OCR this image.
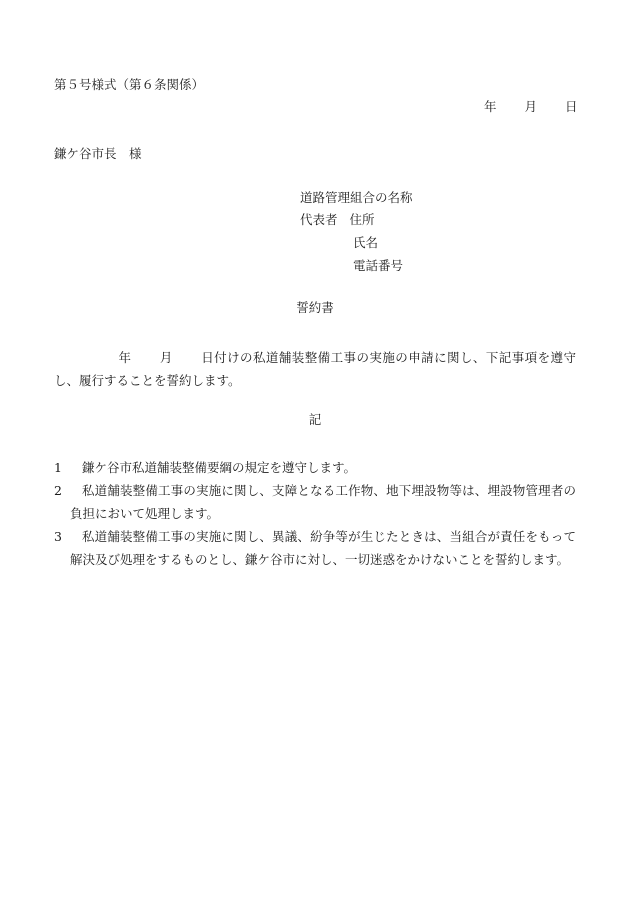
第５号様式（第６条関係）
年 月 日
鎌ケ谷市長　様
道路管理組合の名称
代表者 住所
氏名
電話番号
誓約書
年 月 日付けの私道舗装整備工事の実施の申請に関し、下記事項を遵守し、履行することを誓約します。
記
1	鎌ケ谷市私道舗装整備要綱の規定を遵守します。
2	私道舗装整備工事の実施に関し、支障となる工作物、地下埋設物等は、埋設物管理者の負担において処理します。
3	私道舗装整備工事の実施に関し、異議、紛争等が生じたときは、当組合が責任をもって解決及び処理をするものとし、鎌ケ谷市に対し、一切迷惑をかけないことを誓約します。
